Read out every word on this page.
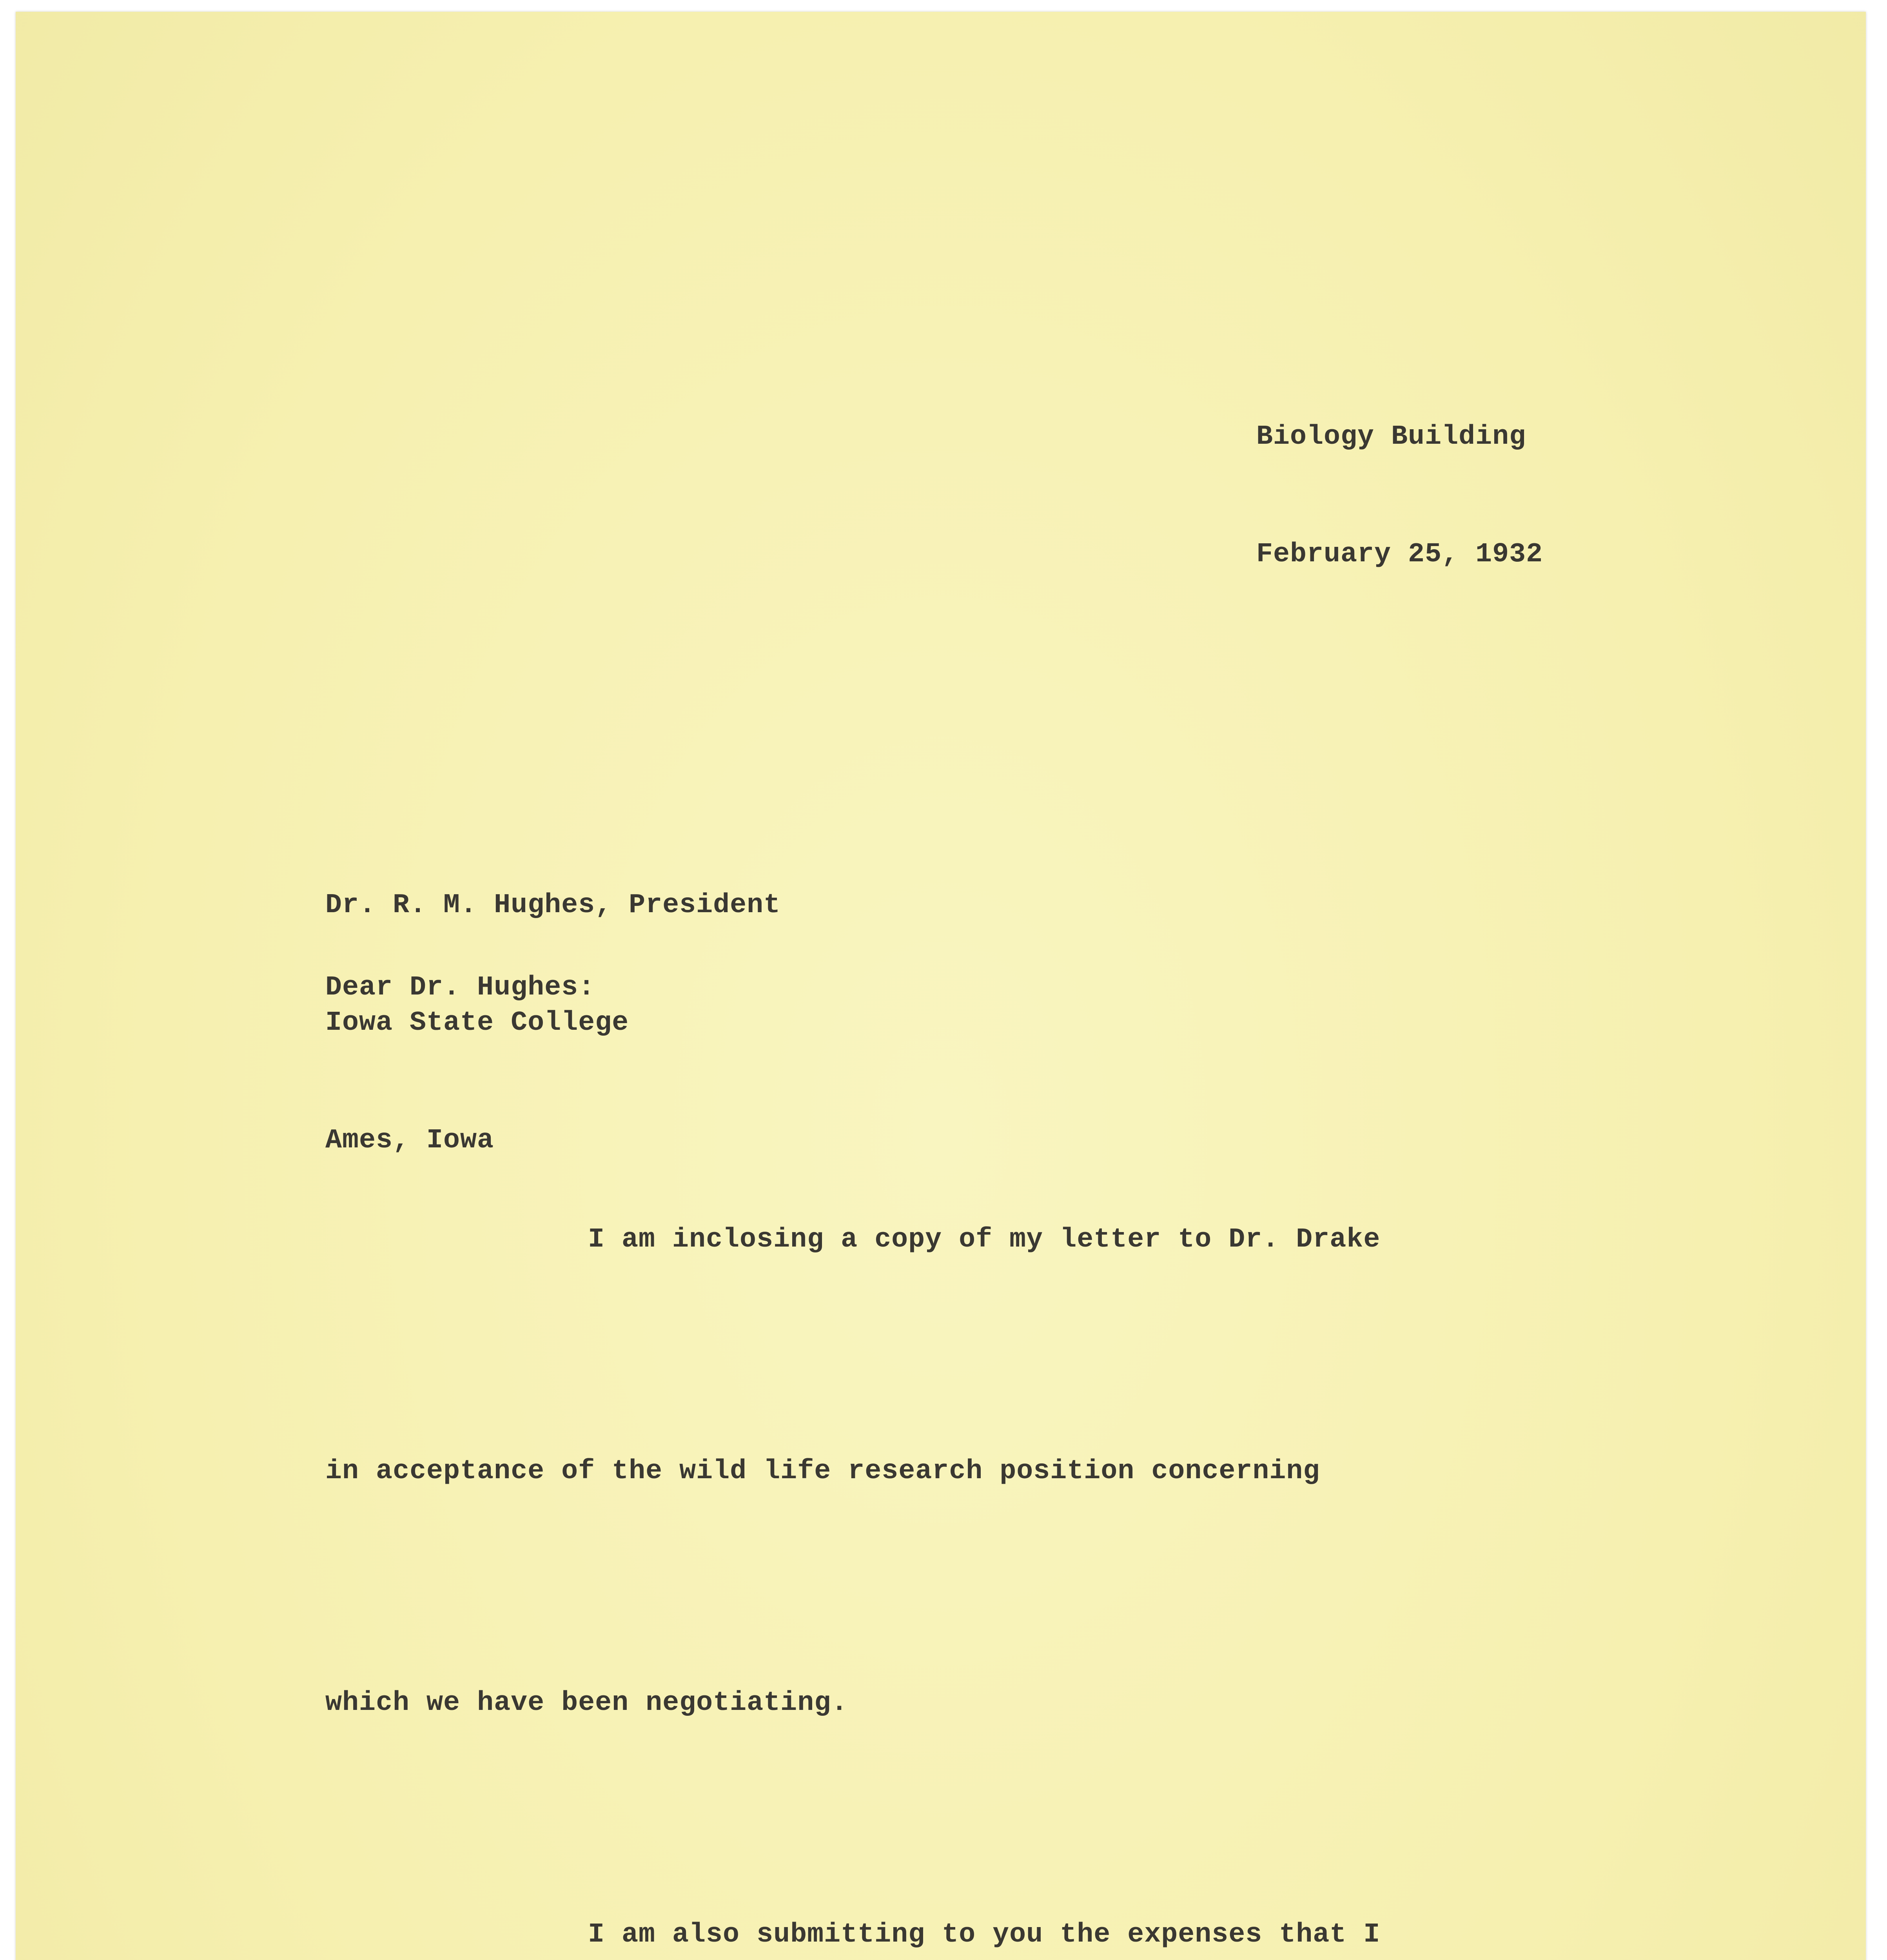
Biology Building

February 25, 1932

Dr. R. M. Hughes, President

Iowa State College

Ames, Iowa

Dear Dr. Hughes:

I am inclosing a copy of my letter to Dr. Drake

in acceptance of the wild life research position concerning

which we have been negotiating.

I am also submitting to you the expenses that I
